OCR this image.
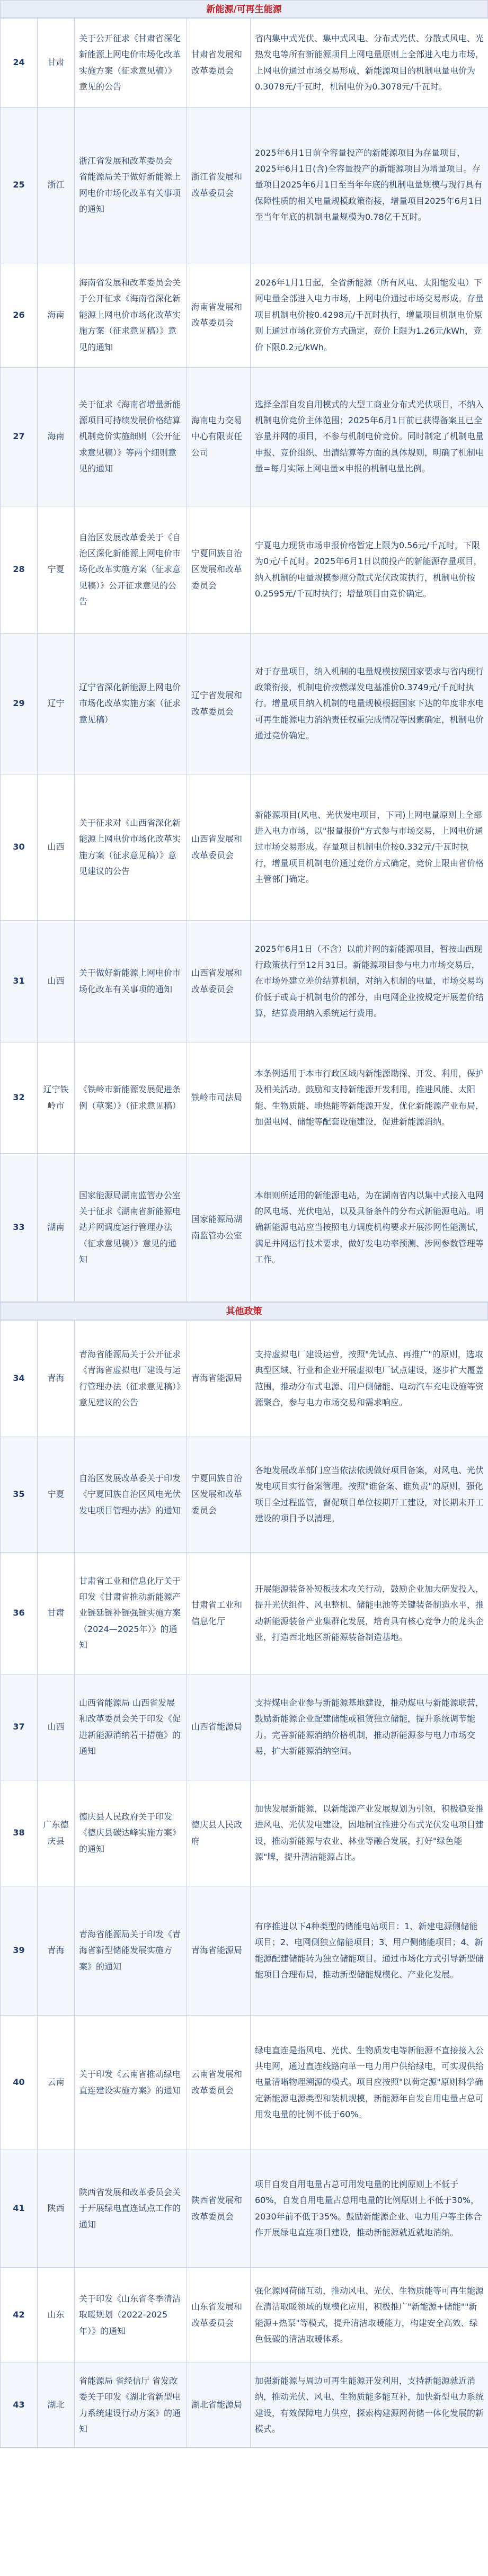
新能源/可再生能源
24	甘肃	关于公开征求《甘肃省深化新能源上网电价市场化改革实施方案（征求意见稿）》意见的公告	甘肃省发展和改革委员会	省内集中式光伏、集中式风电、分布式光伏、分散式风电、光热发电等所有新能源项目上网电量原则上全部进入电力市场，上网电价通过市场交易形成，新能源项目的机制电量电价为0.3078元/千瓦时，机制电价为0.3078元/千瓦时。
25	浙江	浙江省发展和改革委员会 省能源局关于做好新能源上网电价市场化改革有关事项的通知	浙江省发展和改革委员会	2025年6月1日前全容量投产的新能源项目为存量项目，2025年6月1日(含)全容量投产的新能源项目为增量项目。存量项目2025年6月1日至当年年底的机制电量规模与现行具有保障性质的相关电量规模政策衔接，增量项目2025年6月1日至当年年底的机制电量规模为0.78亿千瓦时。
26	海南	海南省发展和改革委员会关于公开征求《海南省深化新能源上网电价市场化改革实施方案（征求意见稿）》意见的通知	海南省发展和改革委员会	2026年1月1日起，全省新能源（所有风电、太阳能发电）下网电量全部进入电力市场，上网电价通过市场交易形成。存量项目机制电价按0.4298元/千瓦时执行，增量项目机制电价原则上通过市场化竞价方式确定，竞价上限为1.26元/kWh，竞价下限0.2元/kWh。
27	海南	关于征求《海南省增量新能源项目可持续发展价格结算机制竞价实施细则（公开征求意见稿）》等两个细则意见的通知	海南电力交易中心有限责任公司	选择全部自发自用模式的大型工商业分布式光伏项目，不纳入机制电价竞价主体范围；2025年6月1日前已获得备案且已全容量并网的项目，不参与机制电价竞价。同时制定了机制电量申报、竞价组织、出清结算等方面的具体规则，明确了机制电量=每月实际上网电量×申报的机制电量比例。
28	宁夏	自治区发展改革委关于《自治区深化新能源上网电价市场化改革实施方案（征求意见稿）》公开征求意见的公告	宁夏回族自治区发展和改革委员会	宁夏电力现货市场申报价格暂定上限为0.56元/千瓦时，下限为0元/千瓦时。2025年6月1日以前投产的新能源存量项目，纳入机制的电量规模参照分散式光伏政策执行，机制电价按0.2595元/千瓦时执行；增量项目由竞价确定。
29	辽宁	辽宁省深化新能源上网电价市场化改革实施方案（征求意见稿）	辽宁省发展和改革委员会	对于存量项目，纳入机制的电量规模按照国家要求与省内现行政策衔接，机制电价按燃煤发电基准价0.3749元/千瓦时执行。增量项目纳入机制的电量规模根据国家下达的年度非水电可再生能源电力消纳责任权重完成情况等因素确定，机制电价通过竞价确定。
30	山西	关于征求对《山西省深化新能源上网电价市场化改革实施方案（征求意见稿）》意见建议的公告	山西省发展和改革委员会	新能源项目(风电、光伏发电项目，下同)上网电量原则上全部进入电力市场，以"报量报价"方式参与市场交易，上网电价通过市场交易形成。存量项目机制电价按0.332元/千瓦时执行，增量项目机制电价通过竞价方式确定，竞价上限由省价格主管部门确定。
31	山西	关于做好新能源上网电价市场化改革有关事项的通知	山西省发展和改革委员会	2025年6月1日（不含）以前并网的新能源项目，暂按山西现行政策执行至12月31日。新能源项目参与电力市场交易后，在市场外建立差价结算机制，对纳入机制的电量，市场交易均价低于或高于机制电价的部分，由电网企业按规定开展差价结算，结算费用纳入系统运行费用。
32	辽宁铁岭市	《铁岭市新能源发展促进条例（草案）》（征求意见稿）	铁岭市司法局	本条例适用于本市行政区域内新能源勘探、开发、利用，保护及相关活动。鼓励和支持新能源开发利用，推进风能、太阳能、生物质能、地热能等新能源开发，优化新能源产业布局，加强电网、储能等配套设施建设，促进新能源消纳。
33	湖南	国家能源局湖南监管办公室关于征求《湖南省新能源电站并网调度运行管理办法（征求意见稿）》意见的通知	国家能源局湖南监管办公室	本细则所适用的新能源电站，为在湖南省内以集中式接入电网的风电场、光伏电站，以及具备条件的分布式新能源电站。明确新能源电站应当按照电力调度机构要求开展涉网性能测试，满足并网运行技术要求，做好发电功率预测、涉网参数管理等工作。
其他政策
34	青海	青海省能源局关于公开征求《青海省虚拟电厂建设与运行管理办法（征求意见稿）》意见建议的公告	青海省能源局	支持虚拟电厂建设运营，按照"先试点、再推广"的原则，选取典型区域、行业和企业开展虚拟电厂试点建设，逐步扩大覆盖范围，推动分布式电源、用户侧储能、电动汽车充电设施等资源聚合，参与电力市场交易和需求响应。
35	宁夏	自治区发展改革委关于印发《宁夏回族自治区风电光伏发电项目管理办法》的通知	宁夏回族自治区发展和改革委员会	各地发展改革部门应当依法依规做好项目备案，对风电、光伏发电项目实行备案管理。按照"谁备案、谁负责"的原则，强化项目全过程监管，督促项目单位按期开工建设，对长期未开工建设的项目予以清理。
36	甘肃	甘肃省工业和信息化厅关于印发《甘肃省推动新能源产业链延链补链强链实施方案（2024—2025年）》的通知	甘肃省工业和信息化厅	开展能源装备补短板技术攻关行动，鼓励企业加大研发投入，提升光伏组件、风电整机、储能电池等关键装备制造水平，推动新能源装备产业集群化发展，培育具有核心竞争力的龙头企业，打造西北地区新能源装备制造基地。
37	山西	山西省能源局 山西省发展和改革委员会关于印发《促进新能源消纳若干措施》的通知	山西省能源局	支持煤电企业参与新能源基地建设，推动煤电与新能源联营，鼓励新能源企业配建储能或租赁独立储能，提升系统调节能力。完善新能源消纳价格机制，推动新能源参与电力市场交易，扩大新能源消纳空间。
38	广东德庆县	德庆县人民政府关于印发《德庆县碳达峰实施方案》的通知	德庆县人民政府	加快发展新能源，以新能源产业发展规划为引领，积极稳妥推进风电、光伏发电建设，因地制宜推进分布式光伏发电项目建设，推动新能源与农业、林业等融合发展，打好"绿色能源"牌，提升清洁能源占比。
39	青海	青海省能源局关于印发《青海省新型储能发展实施方案》的通知	青海省能源局	有序推进以下4种类型的储能电站项目：1、新建电源侧储能项目；2、电网侧独立储能项目；3、用户侧储能项目；4、新能源配建储能转为独立储能项目。通过市场化方式引导新型储能项目合理布局，推动新型储能规模化、产业化发展。
40	云南	关于印发《云南省推动绿电直连建设实施方案》的通知	云南省发展和改革委员会	绿电直连是指风电、光伏、生物质发电等新能源不直接接入公共电网，通过直连线路向单一电力用户供给绿电，可实现供给电量清晰物理溯源的模式。项目应按照"以荷定源"原则科学确定新能源电源类型和装机规模，新能源年自发自用电量占总可用发电量的比例不低于60%。
41	陕西	陕西省发展和改革委员会关于开展绿电直连试点工作的通知	陕西省发展和改革委员会	项目自发自用电量占总可用发电量的比例原则上不低于60%，自发自用电量占总用电量的比例原则上不低于30%，2030年前不低于35%。鼓励新能源企业、电力用户等主体合作开展绿电直连项目建设，推动新能源就近就地消纳。
42	山东	关于印发《山东省冬季清洁取暖规划（2022-2025年）》的通知	山东省发展和改革委员会	强化源网荷储互动，推动风电、光伏、生物质能等可再生能源在清洁取暖领域的规模化应用，积极推广"新能源+储能""新能源+热泵"等模式，提升清洁取暖能力，构建安全高效、绿色低碳的清洁取暖体系。
43	湖北	省能源局 省经信厅 省发改委关于印发《湖北省新型电力系统建设行动方案》的通知	湖北省能源局	加强新能源与周边可再生能源开发利用，支持新能源就近消纳，推动光伏、风电、生物质能多能互补，加快新型电力系统建设，有效保障电力供应，探索构建源网荷储一体化发展的新模式。
